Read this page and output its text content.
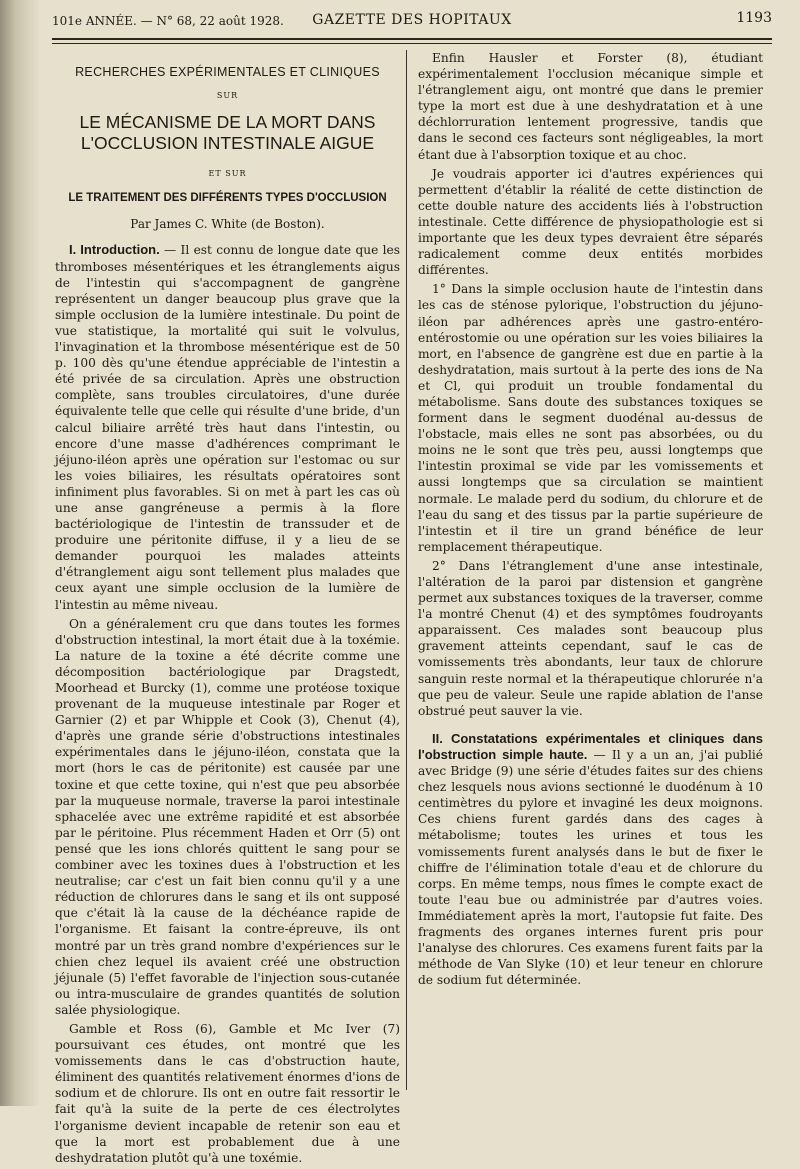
101e ANNÉE. — N° 68, 22 août 1928.	GAZETTE DES HOPITAUX	1193

RECHERCHES EXPÉRIMENTALES ET CLINIQUES

SUR

LE MÉCANISME DE LA MORT DANS L'OCCLUSION INTESTINALE AIGUE

ET SUR

LE TRAITEMENT DES DIFFÉRENTS TYPES D'OCCLUSION

Par James C. White (de Boston).

I. Introduction. — Il est connu de longue date que les thromboses mésentériques et les étranglements aigus de l'intestin qui s'accompagnent de gangrène représentent un danger beaucoup plus grave que la simple occlusion de la lumière intestinale. Du point de vue statistique, la mortalité qui suit le volvulus, l'invagination et la thrombose mésentérique est de 50 p. 100 dès qu'une étendue appréciable de l'intestin a été privée de sa circulation. Après une obstruction complète, sans troubles circulatoires, d'une durée équivalente telle que celle qui résulte d'une bride, d'un calcul biliaire arrêté très haut dans l'intestin, ou encore d'une masse d'adhérences comprimant le jéjuno-iléon après une opération sur l'estomac ou sur les voies biliaires, les résultats opératoires sont infiniment plus favorables. Si on met à part les cas où une anse gangréneuse a permis à la flore bactériologique de l'intestin de transsuder et de produire une péritonite diffuse, il y a lieu de se demander pourquoi les malades atteints d'étranglement aigu sont tellement plus malades que ceux ayant une simple occlusion de la lumière de l'intestin au même niveau.

On a généralement cru que dans toutes les formes d'obstruction intestinal, la mort était due à la toxémie. La nature de la toxine a été décrite comme une décomposition bactériologique par Dragstedt, Moorhead et Burcky (1), comme une protéose toxique provenant de la muqueuse intestinale par Roger et Garnier (2) et par Whipple et Cook (3), Chenut (4), d'après une grande série d'obstructions intestinales expérimentales dans le jéjuno-iléon, constata que la mort (hors le cas de péritonite) est causée par une toxine et que cette toxine, qui n'est que peu absorbée par la muqueuse normale, traverse la paroi intestinale sphacelée avec une extrême rapidité et est absorbée par le péritoine. Plus récemment Haden et Orr (5) ont pensé que les ions chlorés quittent le sang pour se combiner avec les toxines dues à l'obstruction et les neutralise; car c'est un fait bien connu qu'il y a une réduction de chlorures dans le sang et ils ont supposé que c'était là la cause de la déchéance rapide de l'organisme. Et faisant la contre-épreuve, ils ont montré par un très grand nombre d'expériences sur le chien chez lequel ils avaient créé une obstruction jéjunale (5) l'effet favorable de l'injection sous-cutanée ou intra-musculaire de grandes quantités de solution salée physiologique.

Gamble et Ross (6), Gamble et Mc Iver (7) poursuivant ces études, ont montré que les vomissements dans le cas d'obstruction haute, éliminent des quantités relativement énormes d'ions de sodium et de chlorure. Ils ont en outre fait ressortir le fait qu'à la suite de la perte de ces électrolytes l'organisme devient incapable de retenir son eau et que la mort est probablement due à une deshydratation plutôt qu'à une toxémie.

Enfin Hausler et Forster (8), étudiant expérimentalement l'occlusion mécanique simple et l'étranglement aigu, ont montré que dans le premier type la mort est due à une deshydratation et à une déchlorruration lentement progressive, tandis que dans le second ces facteurs sont négligeables, la mort étant due à l'absorption toxique et au choc.

Je voudrais apporter ici d'autres expériences qui permettent d'établir la réalité de cette distinction de cette double nature des accidents liés à l'obstruction intestinale. Cette différence de physiopathologie est si importante que les deux types devraient être séparés radicalement comme deux entités morbides différentes.

1° Dans la simple occlusion haute de l'intestin dans les cas de sténose pylorique, l'obstruction du jéjuno-iléon par adhérences après une gastro-entéro-entérostomie ou une opération sur les voies biliaires la mort, en l'absence de gangrène est due en partie à la deshydratation, mais surtout à la perte des ions de Na et Cl, qui produit un trouble fondamental du métabolisme. Sans doute des substances toxiques se forment dans le segment duodénal au-dessus de l'obstacle, mais elles ne sont pas absorbées, ou du moins ne le sont que très peu, aussi longtemps que l'intestin proximal se vide par les vomissements et aussi longtemps que sa circulation se maintient normale. Le malade perd du sodium, du chlorure et de l'eau du sang et des tissus par la partie supérieure de l'intestin et il tire un grand bénéfice de leur remplacement thérapeutique.

2° Dans l'étranglement d'une anse intestinale, l'altération de la paroi par distension et gangrène permet aux substances toxiques de la traverser, comme l'a montré Chenut (4) et des symptômes foudroyants apparaissent. Ces malades sont beaucoup plus gravement atteints cependant, sauf le cas de vomissements très abondants, leur taux de chlorure sanguin reste normal et la thérapeutique chlorurée n'a que peu de valeur. Seule une rapide ablation de l'anse obstrué peut sauver la vie.

II. Constatations expérimentales et cliniques dans l'obstruction simple haute. — Il y a un an, j'ai publié avec Bridge (9) une série d'études faites sur des chiens chez lesquels nous avions sectionné le duodénum à 10 centimètres du pylore et invaginé les deux moignons. Ces chiens furent gardés dans des cages à métabolisme; toutes les urines et tous les vomissements furent analysés dans le but de fixer le chiffre de l'élimination totale d'eau et de chlorure du corps. En même temps, nous fîmes le compte exact de toute l'eau bue ou administrée par d'autres voies. Immédiatement après la mort, l'autopsie fut faite. Des fragments des organes internes furent pris pour l'analyse des chlorures. Ces examens furent faits par la méthode de Van Slyke (10) et leur teneur en chlorure de sodium fut déterminée.
